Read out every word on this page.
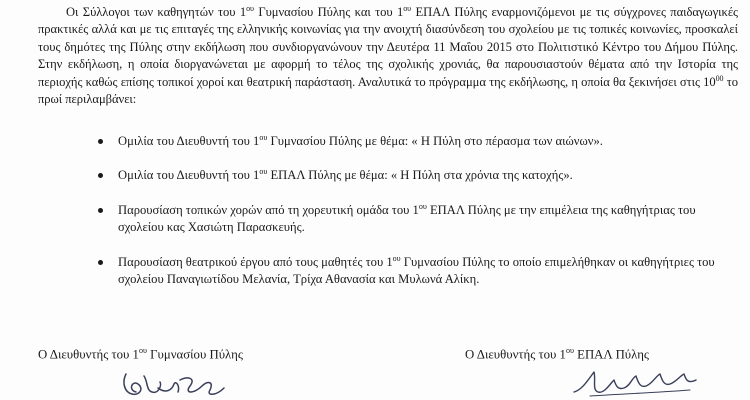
Οι Σύλλογοι των καθηγητών του $1^{o\upsilon}$ Γυμνασίου Πύλης και του $1^{o\upsilon}$ ΕΠΑΛ Πύλης εναρμονιζόμενοι με τις σύγχρονες παιδαγωγικές πρακτικές αλλά και με τις επιταγές της ελληνικής κοινωνίας για την ανοιχτή διασύνδεση του σχολείου με τις τοπικές κοινωνίες, προσκαλεί τους δημότες της Πύλης στην εκδήλωση που συνδιοργανώνουν την Δευτέρα 11 Μαΐου 2015 στο Πολιτιστικό Κέντρο του Δήμου Πύλης. Στην εκδήλωση, η οποία διοργανώνεται με αφορμή το τέλος της σχολικής χρονιάς, θα παρουσιαστούν θέματα από την Ιστορία της περιοχής καθώς επίσης τοπικοί χοροί και θεατρική παράσταση. Αναλυτικά το πρόγραμμα της εκδήλωσης, η οποία θα ξεκινήσει στις $10^{00}$ το πρωί περιλαμβάνει:
Ομιλία του Διευθυντή του $1^{o\upsilon}$ Γυμνασίου Πύλης με θέμα: « Η Πύλη στο πέρασμα των αιώνων».
Ομιλία του Διευθυντή του $1^{o\upsilon}$ ΕΠΑΛ Πύλης με θέμα: « Η Πύλη στα χρόνια της κατοχής».
Παρουσίαση τοπικών χορών από τη χορευτική ομάδα του $1^{o\upsilon}$ ΕΠΑΛ Πύλης με την επιμέλεια της καθηγήτριας του σχολείου κας Χασιώτη Παρασκευής.
Παρουσίαση θεατρικού έργου από τους μαθητές του $1^{o\upsilon}$ Γυμνασίου Πύλης το οποίο επιμελήθηκαν οι καθηγήτριες του σχολείου Παναγιωτίδου Μελανία, Τρίχα Αθανασία και Μυλωνά Αλίκη.
Ο Διευθυντής του $1^{o\upsilon}$ Γυμνασίου Πύλης	Ο Διευθυντής του $1^{o\upsilon}$ ΕΠΑΛ Πύλης
